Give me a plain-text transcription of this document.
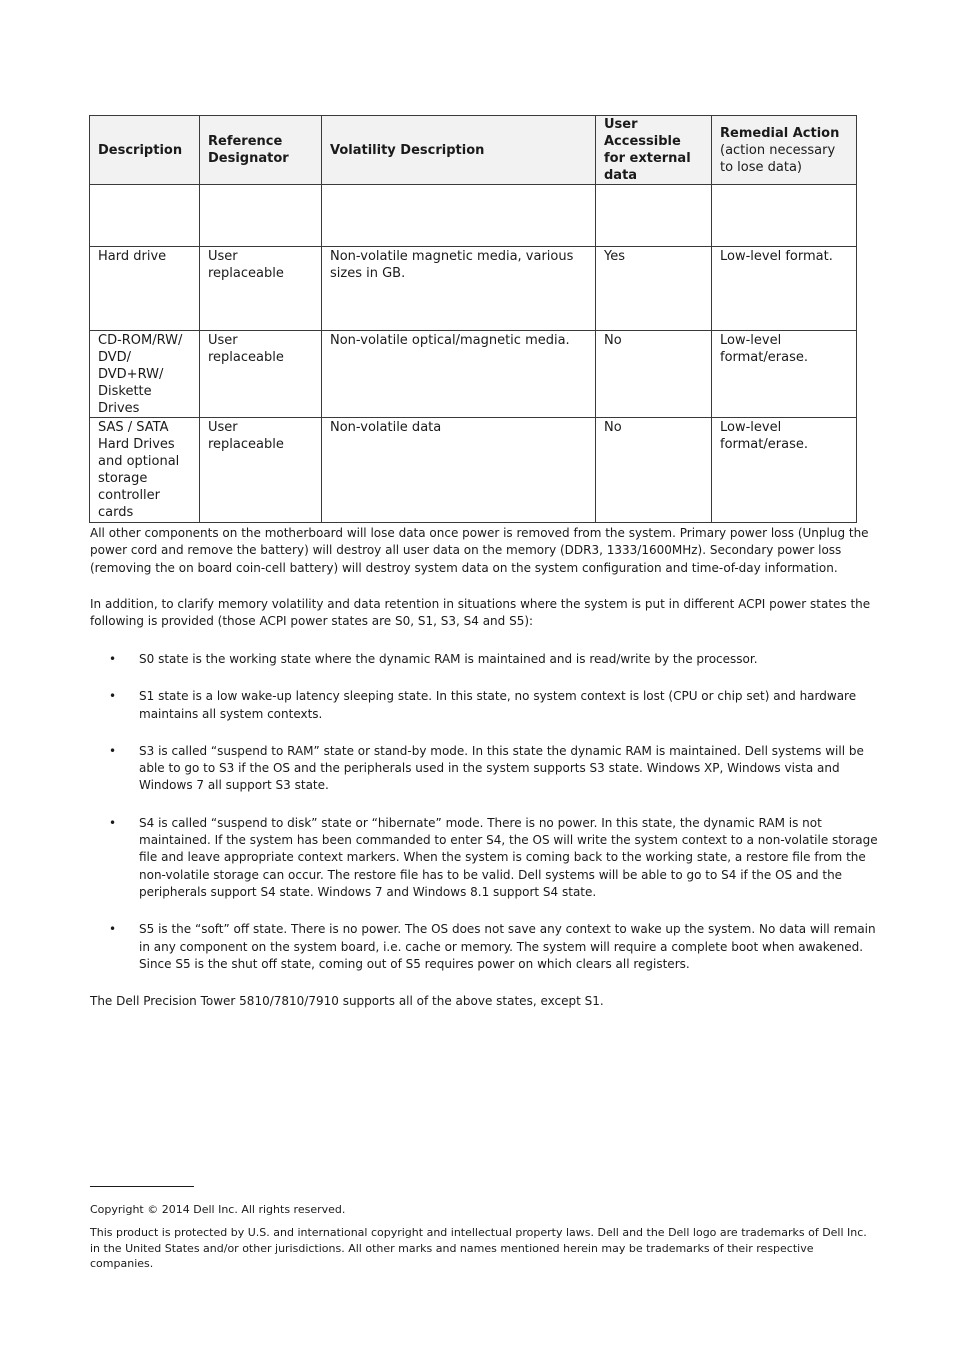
Description	Reference Designator	Volatility Description	User Accessible for external data	Remedial Action (action necessary to lose data)

Hard drive	User replaceable	Non-volatile magnetic media, various sizes in GB.	Yes	Low-level format.
CD-ROM/RW/ DVD/ DVD+RW/ Diskette Drives	User replaceable	Non-volatile optical/magnetic media.	No	Low-level format/erase.
SAS / SATA Hard Drives and optional storage controller cards	User replaceable	Non-volatile data	No	Low-level format/erase.

All other components on the motherboard will lose data once power is removed from the system. Primary power loss (Unplug the power cord and remove the battery) will destroy all user data on the memory (DDR3, 1333/1600MHz). Secondary power loss (removing the on board coin-cell battery) will destroy system data on the system configuration and time-of-day information.

In addition, to clarify memory volatility and data retention in situations where the system is put in different ACPI power states the following is provided (those ACPI power states are S0, S1, S3, S4 and S5):

• S0 state is the working state where the dynamic RAM is maintained and is read/write by the processor.
• S1 state is a low wake-up latency sleeping state. In this state, no system context is lost (CPU or chip set) and hardware maintains all system contexts.
• S3 is called “suspend to RAM” state or stand-by mode. In this state the dynamic RAM is maintained. Dell systems will be able to go to S3 if the OS and the peripherals used in the system supports S3 state. Windows XP, Windows vista and Windows 7 all support S3 state.
• S4 is called “suspend to disk” state or “hibernate” mode. There is no power. In this state, the dynamic RAM is not maintained. If the system has been commanded to enter S4, the OS will write the system context to a non-volatile storage file and leave appropriate context markers. When the system is coming back to the working state, a restore file from the non-volatile storage can occur. The restore file has to be valid. Dell systems will be able to go to S4 if the OS and the peripherals support S4 state. Windows 7 and Windows 8.1 support S4 state.
• S5 is the “soft” off state. There is no power. The OS does not save any context to wake up the system. No data will remain in any component on the system board, i.e. cache or memory. The system will require a complete boot when awakened. Since S5 is the shut off state, coming out of S5 requires power on which clears all registers.

The Dell Precision Tower 5810/7810/7910 supports all of the above states, except S1.

Copyright © 2014 Dell Inc. All rights reserved.

This product is protected by U.S. and international copyright and intellectual property laws. Dell and the Dell logo are trademarks of Dell Inc. in the United States and/or other jurisdictions. All other marks and names mentioned herein may be trademarks of their respective companies.
